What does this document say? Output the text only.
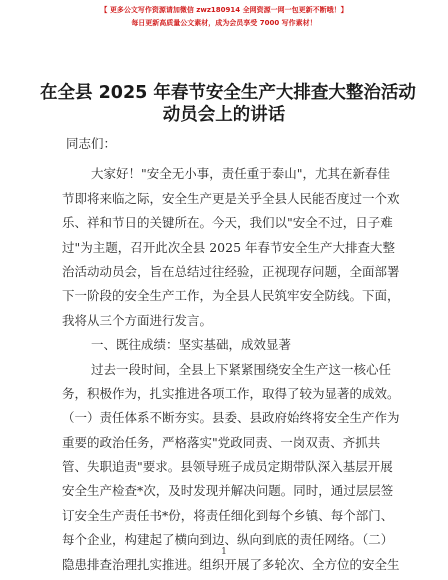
【 更多公文写作资源请加微信 zwz180914 全网资源一网一包更新不断哦！】
每日更新高质量公文素材，成为会员享受 7000 写作素材！
在全县 2025 年春节安全生产大排查大整治活动
动员会上的讲话
同志们：
大家好！"安全无小事，责任重于泰山"，尤其在新春佳
节即将来临之际，安全生产更是关乎全县人民能否度过一个欢
乐、祥和节日的关键所在。今天，我们以"安全不过，日子难
过"为主题，召开此次全县 2025 年春节安全生产大排查大整
治活动动员会，旨在总结过往经验，正视现存问题，全面部署
下一阶段的安全生产工作，为全县人民筑牢安全防线。下面，
我将从三个方面进行发言。
一、既往成绩：坚实基础，成效显著
过去一段时间，全县上下紧紧围绕安全生产这一核心任
务，积极作为，扎实推进各项工作，取得了较为显著的成效。
（一）责任体系不断夯实。县委、县政府始终将安全生产作为
重要的政治任务，严格落实"党政同责、一岗双责、齐抓共
管、失职追责"要求。县领导班子成员定期带队深入基层开展
安全生产检查*次，及时发现并解决问题。同时，通过层层签
订安全生产责任书*份，将责任细化到每个乡镇、每个部门、
每个企业，构建起了横向到边、纵向到底的责任网络。（二）
隐患排查治理扎实推进。组织开展了多轮次、全方位的安全生
1
